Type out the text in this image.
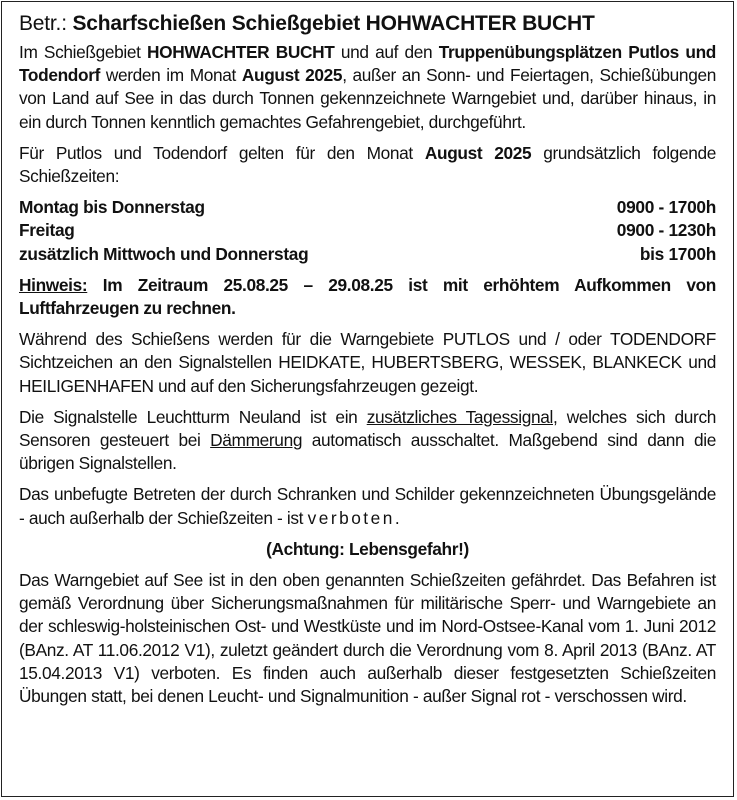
Betr.: Scharfschießen Schießgebiet HOHWACHTER BUCHT

Im Schießgebiet HOHWACHTER BUCHT und auf den Truppenübungsplätzen Putlos und Todendorf werden im Monat August 2025, außer an Sonn- und Feiertagen, Schießübungen von Land auf See in das durch Tonnen gekennzeichnete Warngebiet und, darüber hinaus, in ein durch Tonnen kenntlich gemachtes Gefahrengebiet, durchgeführt.

Für Putlos und Todendorf gelten für den Monat August 2025 grundsätzlich folgende Schießzeiten:

Montag bis Donnerstag	0900 - 1700h
Freitag	0900 - 1230h
zusätzlich Mittwoch und Donnerstag	bis 1700h

Hinweis: Im Zeitraum 25.08.25 – 29.08.25 ist mit erhöhtem Aufkommen von Luftfahrzeugen zu rechnen.

Während des Schießens werden für die Warngebiete PUTLOS und / oder TODENDORF Sichtzeichen an den Signalstellen HEIDKATE, HUBERTSBERG, WESSEK, BLANKECK und HEILIGENHAFEN und auf den Sicherungsfahrzeugen gezeigt.

Die Signalstelle Leuchtturm Neuland ist ein zusätzliches Tagessignal, welches sich durch Sensoren gesteuert bei Dämmerung automatisch ausschaltet. Maßgebend sind dann die übrigen Signalstellen.

Das unbefugte Betreten der durch Schranken und Schilder gekennzeichneten Übungsgelände - auch außerhalb der Schießzeiten - ist verboten.

(Achtung: Lebensgefahr!)

Das Warngebiet auf See ist in den oben genannten Schießzeiten gefährdet. Das Befahren ist gemäß Verordnung über Sicherungsmaßnahmen für militärische Sperr- und Warngebiete an der schleswig-holsteinischen Ost- und Westküste und im Nord-Ostsee-Kanal vom 1. Juni 2012 (BAnz. AT 11.06.2012 V1), zuletzt geändert durch die Verordnung vom 8. April 2013 (BAnz. AT 15.04.2013 V1) verboten. Es finden auch außerhalb dieser festgesetzten Schießzeiten Übungen statt, bei denen Leucht- und Signalmunition - außer Signal rot - verschossen wird.
